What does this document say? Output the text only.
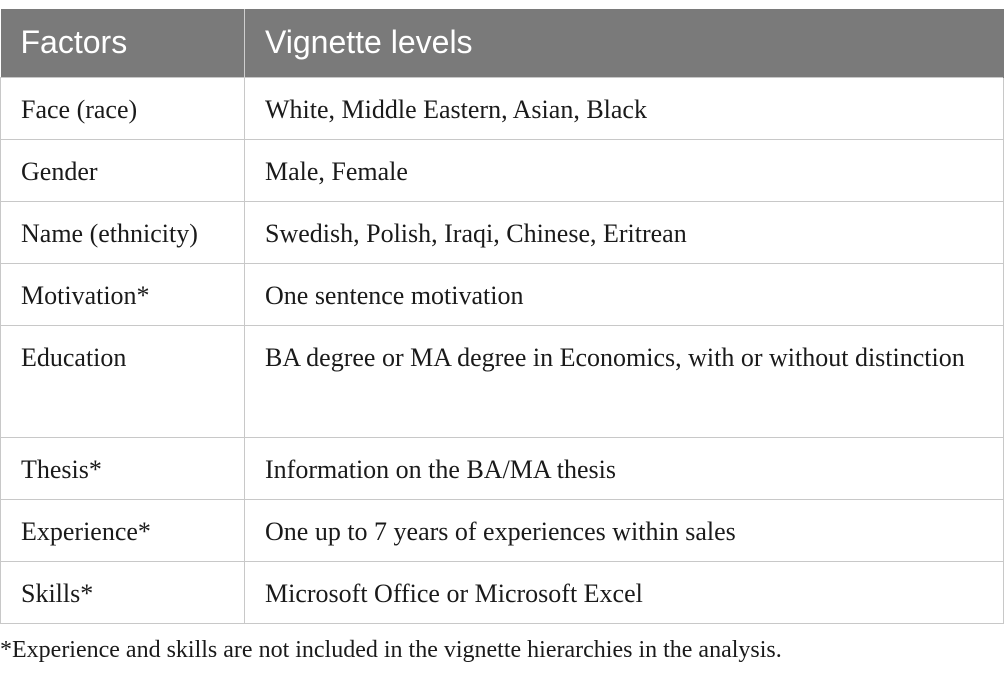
Factors	Vignette levels
Face (race)	White, Middle Eastern, Asian, Black
Gender	Male, Female
Name (ethnicity)	Swedish, Polish, Iraqi, Chinese, Eritrean
Motivation*	One sentence motivation
Education	BA degree or MA degree in Economics, with or without distinction
Thesis*	Information on the BA/MA thesis
Experience*	One up to 7 years of experiences within sales
Skills*	Microsoft Office or Microsoft Excel
*Experience and skills are not included in the vignette hierarchies in the analysis.
